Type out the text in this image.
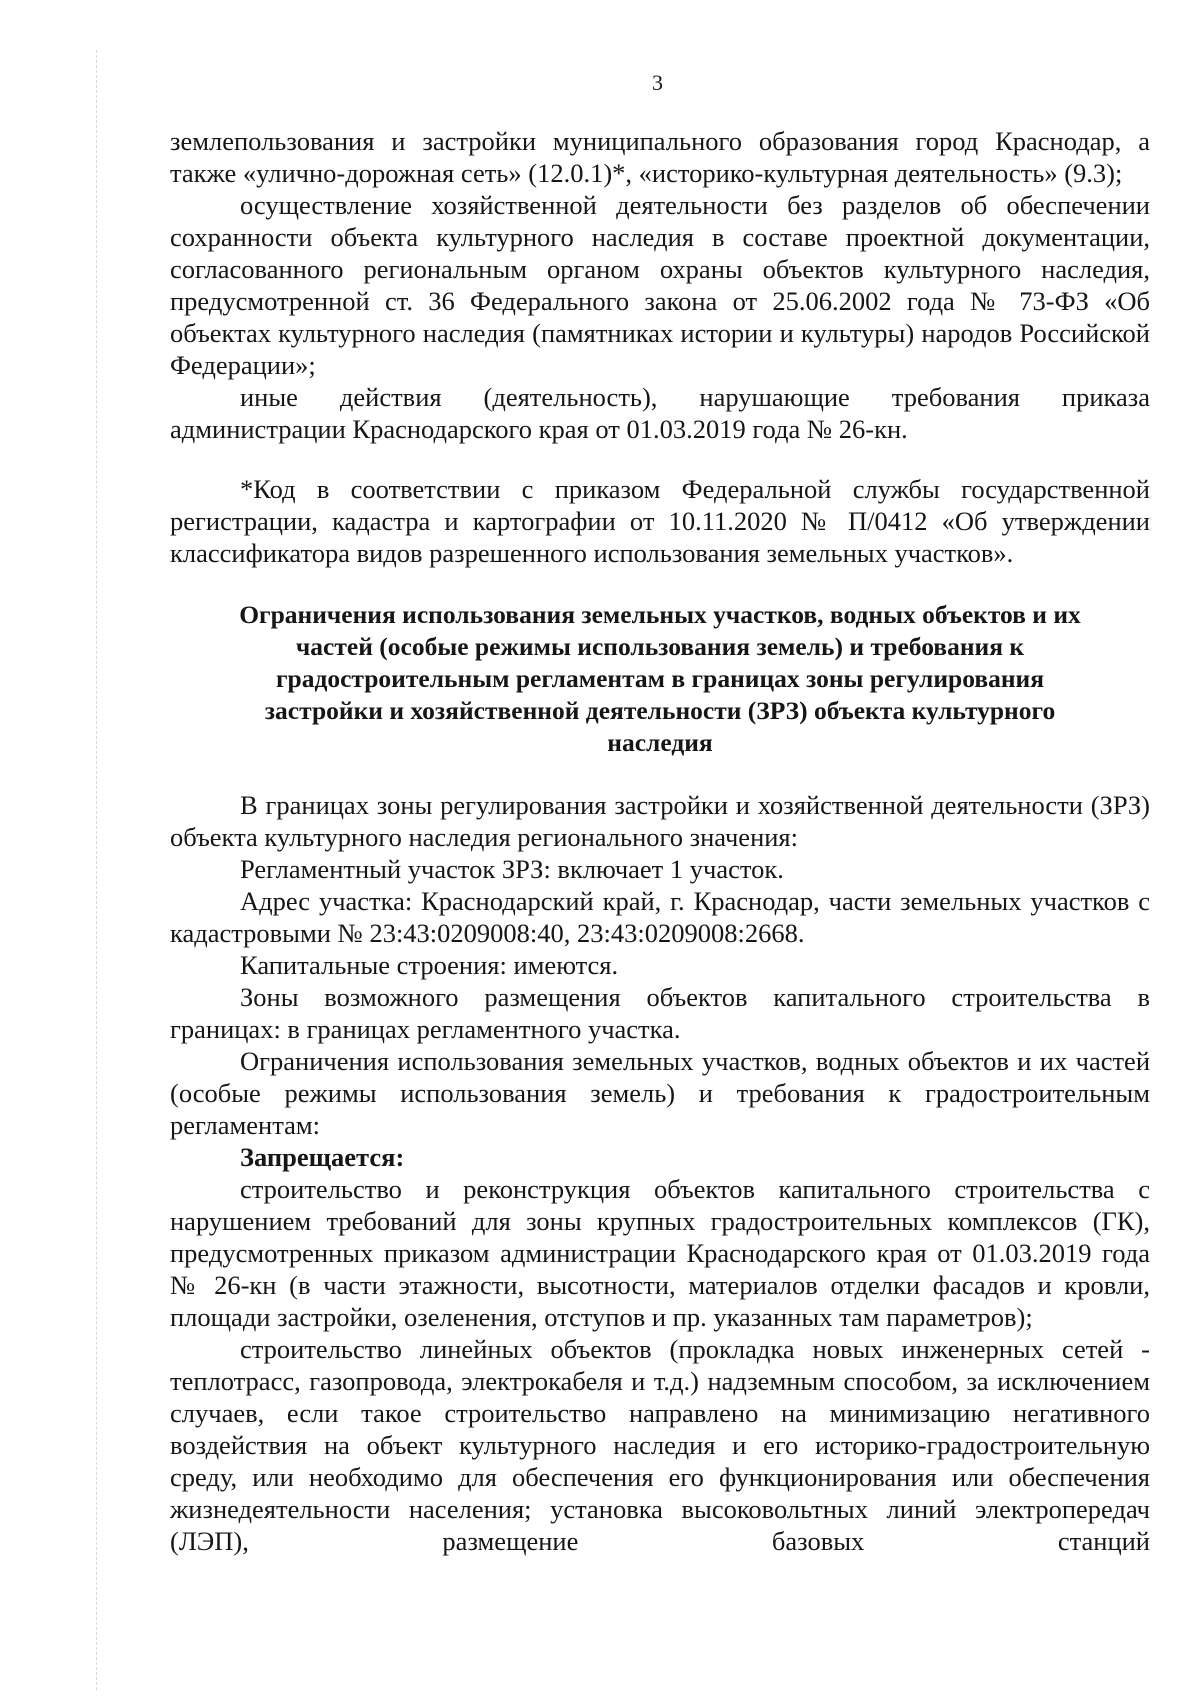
3

землепользования и застройки муниципального образования город Краснодар, а также «улично-дорожная сеть» (12.0.1)*, «историко-культурная деятельность» (9.3);

осуществление хозяйственной деятельности без разделов об обеспечении сохранности объекта культурного наследия в составе проектной документации, согласованного региональным органом охраны объектов культурного наследия, предусмотренной ст. 36 Федерального закона от 25.06.2002 года № 73-ФЗ «Об объектах культурного наследия (памятниках истории и культуры) народов Российской Федерации»;

иные действия (деятельность), нарушающие требования приказа администрации Краснодарского края от 01.03.2019 года № 26-кн.

*Код в соответствии с приказом Федеральной службы государственной регистрации, кадастра и картографии от 10.11.2020 № П/0412 «Об утверждении классификатора видов разрешенного использования земельных участков».

Ограничения использования земельных участков, водных объектов и их
частей (особые режимы использования земель) и требования к
градостроительным регламентам в границах зоны регулирования
застройки и хозяйственной деятельности (ЗРЗ) объекта культурного
наследия

В границах зоны регулирования застройки и хозяйственной деятельности (ЗРЗ) объекта культурного наследия регионального значения:

Регламентный участок ЗРЗ: включает 1 участок.

Адрес участка: Краснодарский край, г. Краснодар, части земельных участков с кадастровыми № 23:43:0209008:40, 23:43:0209008:2668.

Капитальные строения: имеются.

Зоны возможного размещения объектов капитального строительства в границах: в границах регламентного участка.

Ограничения использования земельных участков, водных объектов и их частей (особые режимы использования земель) и требования к градостроительным регламентам:

Запрещается:

строительство и реконструкция объектов капитального строительства с нарушением требований для зоны крупных градостроительных комплексов (ГК), предусмотренных приказом администрации Краснодарского края от 01.03.2019 года № 26-кн (в части этажности, высотности, материалов отделки фасадов и кровли, площади застройки, озеленения, отступов и пр. указанных там параметров);

строительство линейных объектов (прокладка новых инженерных сетей - теплотрасс, газопровода, электрокабеля и т.д.) надземным способом, за исключением случаев, если такое строительство направлено на минимизацию негативного воздействия на объект культурного наследия и его историко-градостроительную среду, или необходимо для обеспечения его функционирования или обеспечения жизнедеятельности населения; установка высоковольтных линий электропередач (ЛЭП), размещение базовых станций
